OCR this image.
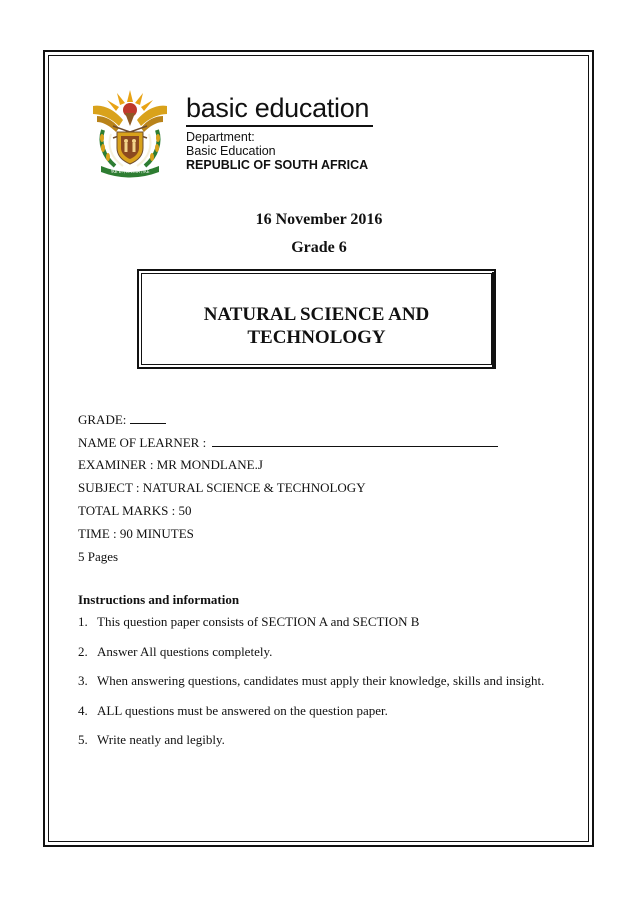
!KE E: /XARRA //KE
basic education
Department:
Basic Education
REPUBLIC OF SOUTH AFRICA
16 November 2016
Grade 6
NATURAL SCIENCE AND
TECHNOLOGY
GRADE:
NAME OF LEARNER :
EXAMINER : MR MONDLANE.J
SUBJECT : NATURAL SCIENCE & TECHNOLOGY
TOTAL MARKS : 50
TIME : 90 MINUTES
5 Pages
Instructions and information
1. This question paper consists of SECTION A and SECTION B
2. Answer All questions completely.
3. When answering questions, candidates must apply their knowledge, skills and insight.
4. ALL questions must be answered on the question paper.
5. Write neatly and legibly.
